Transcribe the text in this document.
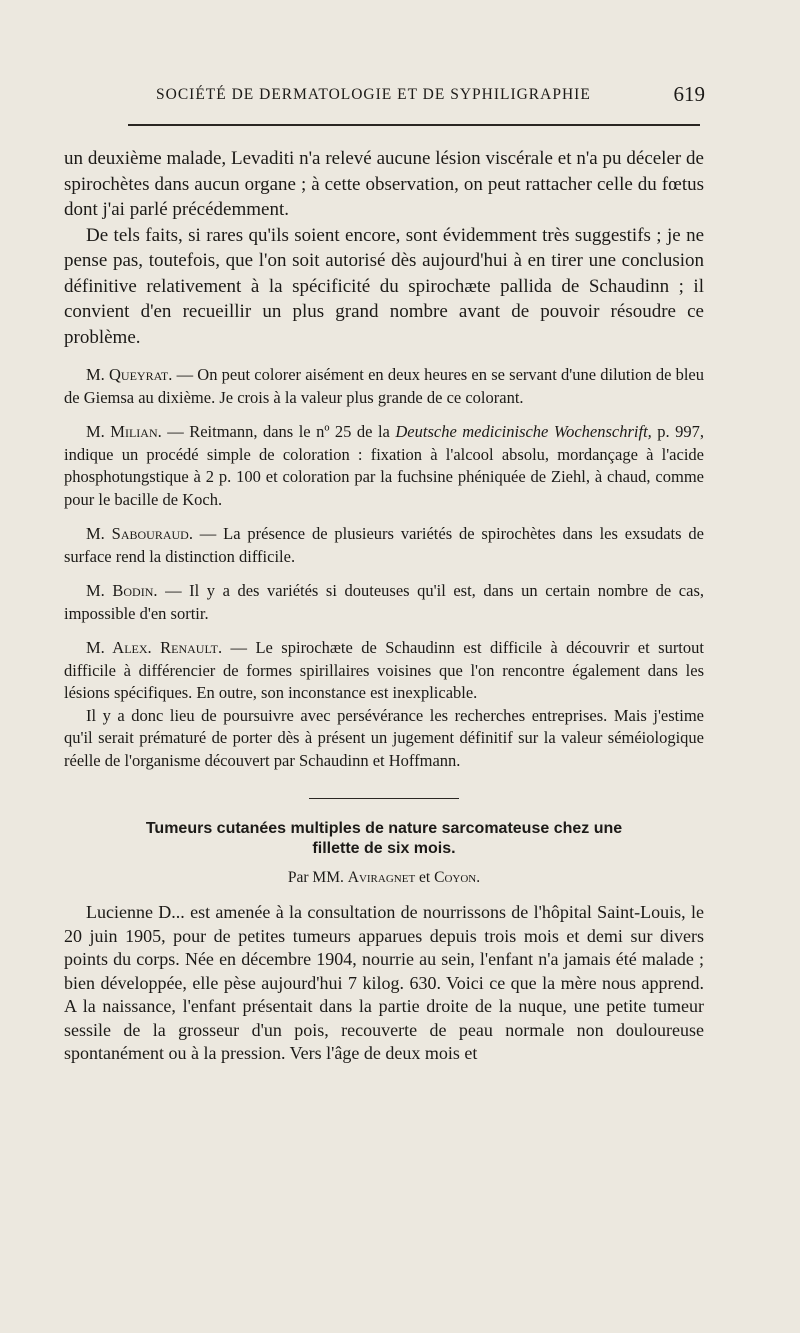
SOCIÉTÉ DE DERMATOLOGIE ET DE SYPHILIGRAPHIE	619

un deuxième malade, Levaditi n'a relevé aucune lésion viscérale et n'a pu déceler de spirochètes dans aucun organe ; à cette observation, on peut rattacher celle du fœtus dont j'ai parlé précédemment.

De tels faits, si rares qu'ils soient encore, sont évidemment très suggestifs ; je ne pense pas, toutefois, que l'on soit autorisé dès aujourd'hui à en tirer une conclusion définitive relativement à la spécificité du spirochæte pallida de Schaudinn ; il convient d'en recueillir un plus grand nombre avant de pouvoir résoudre ce problème.

M. Queyrat. — On peut colorer aisément en deux heures en se servant d'une dilution de bleu de Giemsa au dixième. Je crois à la valeur plus grande de ce colorant.

M. Milian. — Reitmann, dans le nº 25 de la Deutsche medicinische Wochenschrift, p. 997, indique un procédé simple de coloration : fixation à l'alcool absolu, mordançage à l'acide phosphotungstique à 2 p. 100 et coloration par la fuchsine phéniquée de Ziehl, à chaud, comme pour le bacille de Koch.

M. Sabouraud. — La présence de plusieurs variétés de spirochètes dans les exsudats de surface rend la distinction difficile.

M. Bodin. — Il y a des variétés si douteuses qu'il est, dans un certain nombre de cas, impossible d'en sortir.

M. Alex. Renault. — Le spirochæte de Schaudinn est difficile à découvrir et surtout difficile à différencier de formes spirillaires voisines que l'on rencontre également dans les lésions spécifiques. En outre, son inconstance est inexplicable.

Il y a donc lieu de poursuivre avec persévérance les recherches entreprises. Mais j'estime qu'il serait prématuré de porter dès à présent un jugement définitif sur la valeur séméiologique réelle de l'organisme découvert par Schaudinn et Hoffmann.

Tumeurs cutanées multiples de nature sarcomateuse chez une
fillette de six mois.

Par MM. Aviragnet et Coyon.

Lucienne D... est amenée à la consultation de nourrissons de l'hôpital Saint-Louis, le 20 juin 1905, pour de petites tumeurs apparues depuis trois mois et demi sur divers points du corps. Née en décembre 1904, nourrie au sein, l'enfant n'a jamais été malade ; bien développée, elle pèse aujourd'hui 7 kilog. 630. Voici ce que la mère nous apprend. A la naissance, l'enfant présentait dans la partie droite de la nuque, une petite tumeur sessile de la grosseur d'un pois, recouverte de peau normale non douloureuse spontanément ou à la pression. Vers l'âge de deux mois et
